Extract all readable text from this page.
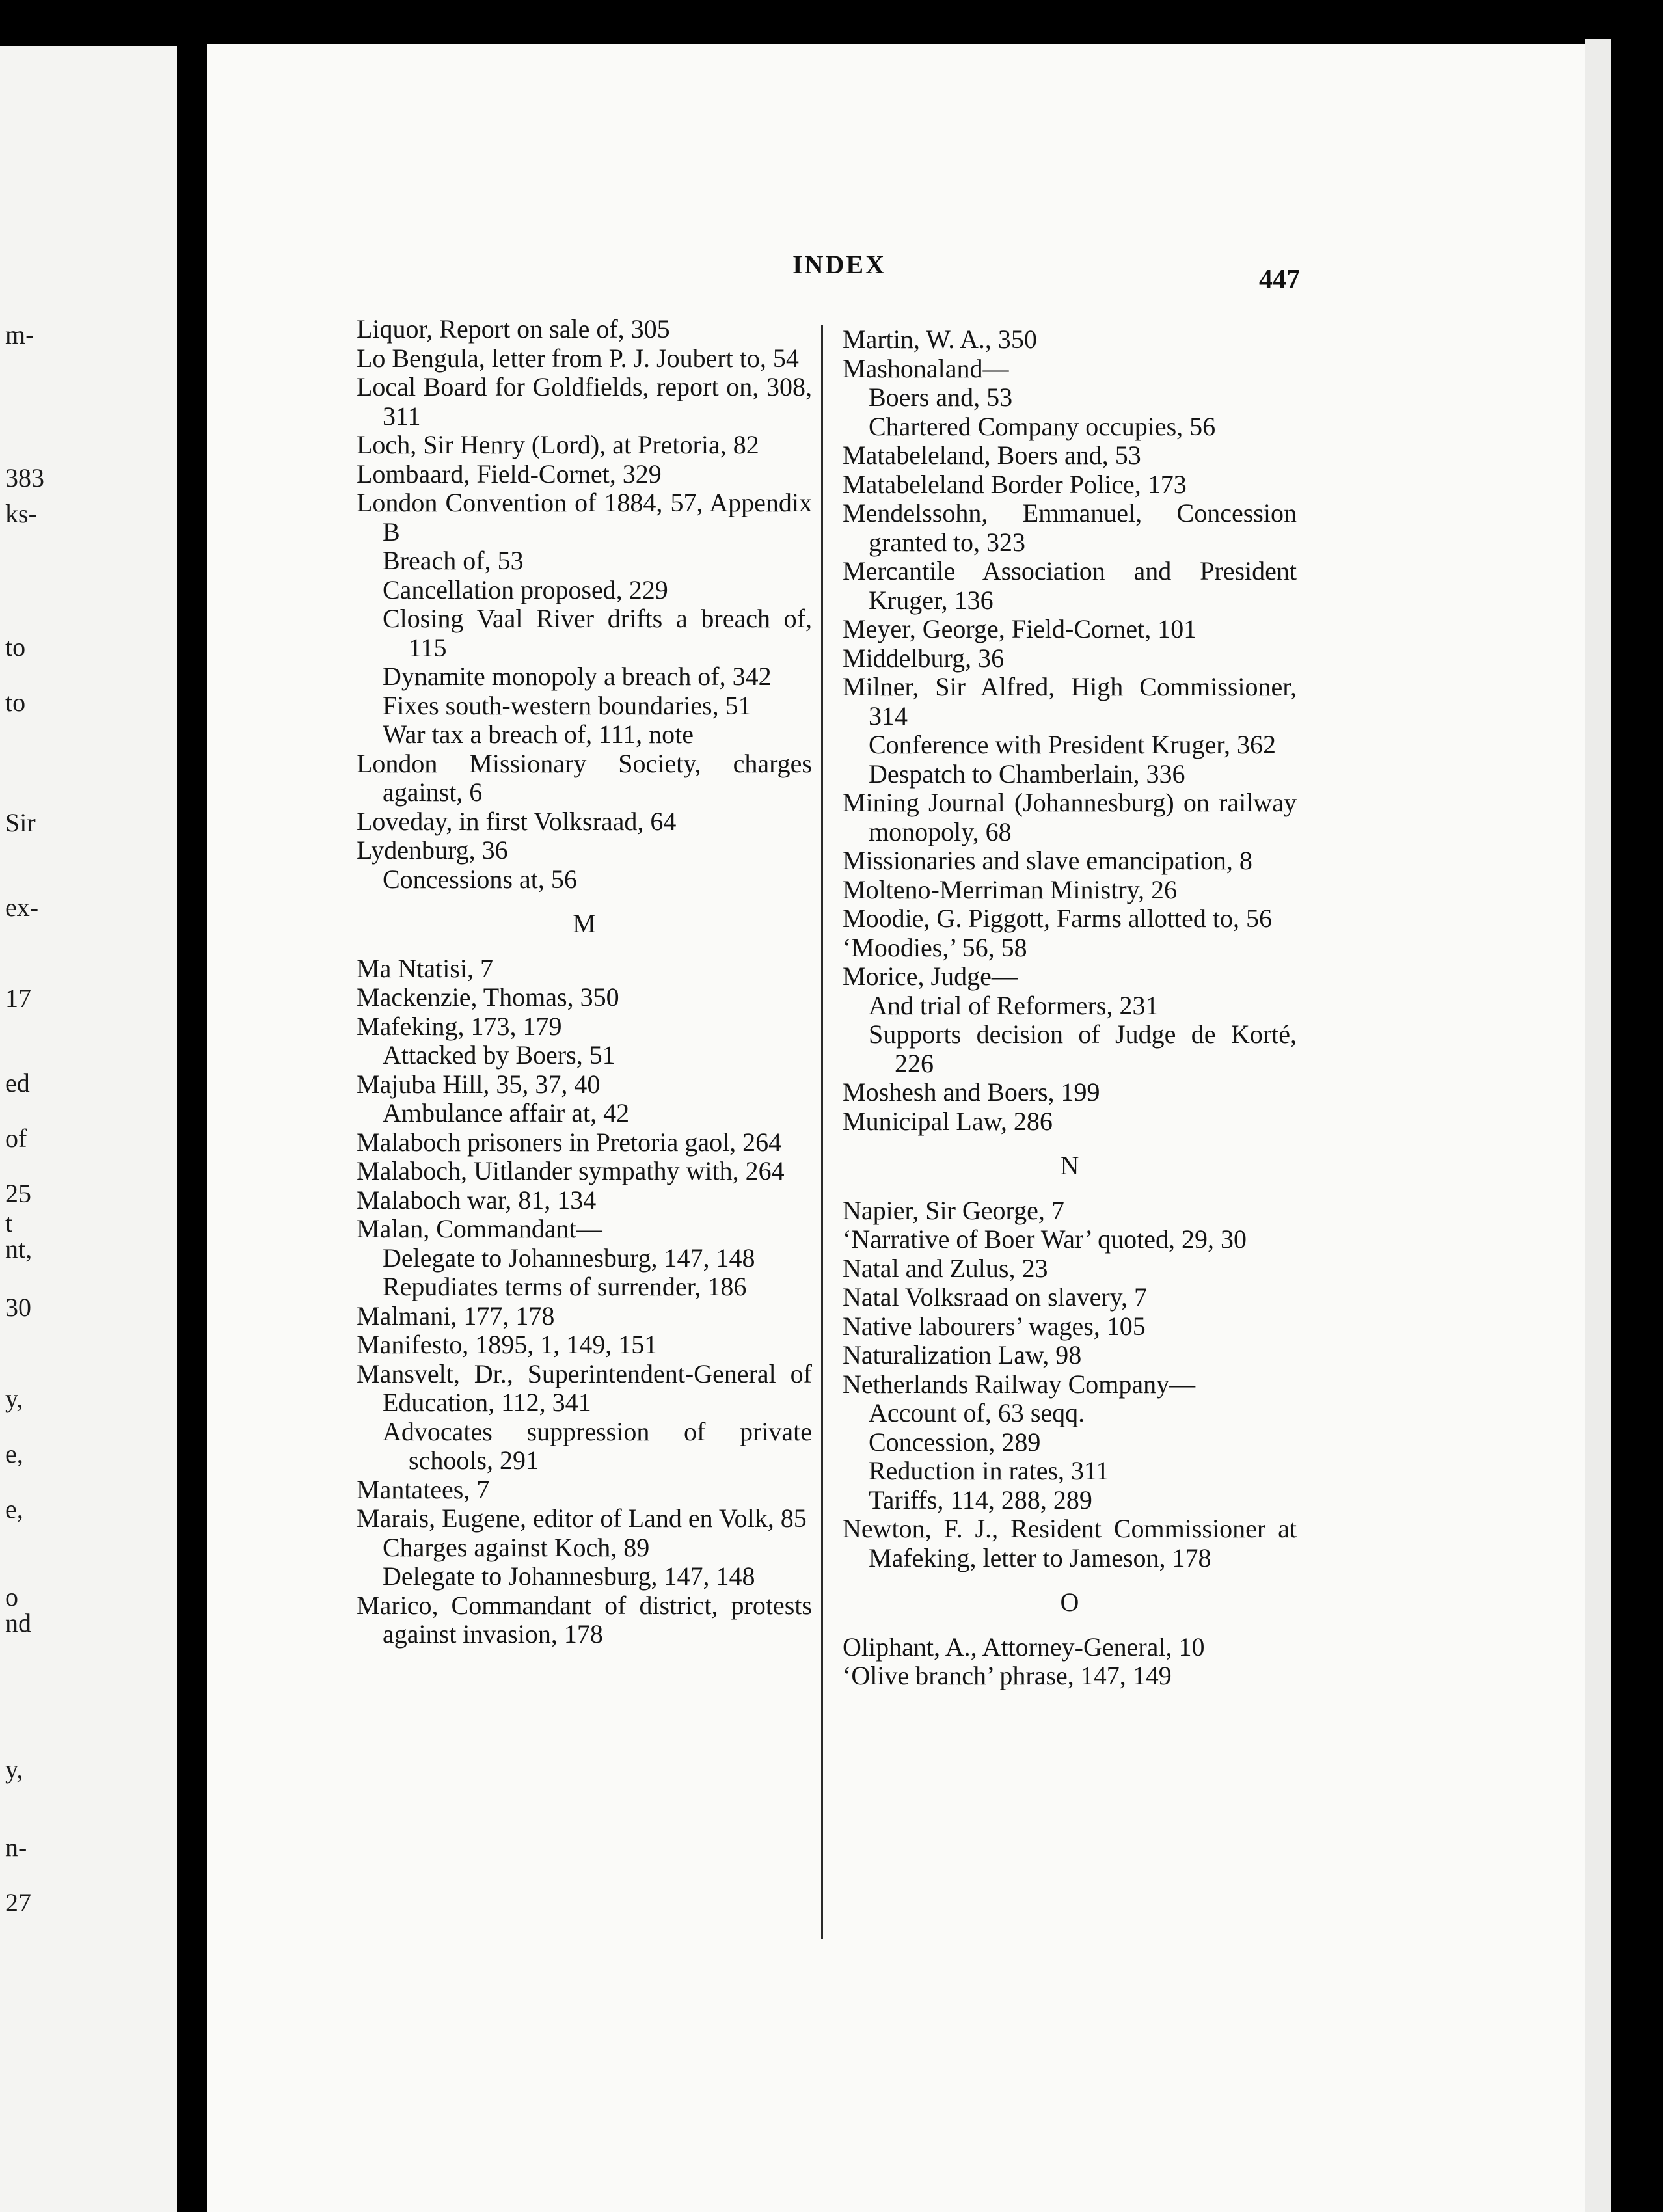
m-
383
ks-
to
to
Sir
ex-
17
ed
of
25
t
nt,
30
y,
e,
e,
o
nd
y,
n-
27
INDEX
447
Liquor, Report on sale of, 305
Lo Bengula, letter from P. J. Joubert to, 54
Local Board for Goldfields, report on, 308, 311
Loch, Sir Henry (Lord), at Pretoria, 82
Lombaard, Field-Cornet, 329
London Convention of 1884, 57, Appendix B
Breach of, 53
Cancellation proposed, 229
Closing Vaal River drifts a breach of, 115
Dynamite monopoly a breach of, 342
Fixes south-western boundaries, 51
War tax a breach of, 111, note
London Missionary Society, charges against, 6
Loveday, in first Volksraad, 64
Lydenburg, 36
Concessions at, 56
M
Ma Ntatisi, 7
Mackenzie, Thomas, 350
Mafeking, 173, 179
Attacked by Boers, 51
Majuba Hill, 35, 37, 40
Ambulance affair at, 42
Malaboch prisoners in Pretoria gaol, 264
Malaboch, Uitlander sympathy with, 264
Malaboch war, 81, 134
Malan, Commandant—
Delegate to Johannesburg, 147, 148
Repudiates terms of surrender, 186
Malmani, 177, 178
Manifesto, 1895, 1, 149, 151
Mansvelt, Dr., Superintendent-General of Education, 112, 341
Advocates suppression of private schools, 291
Mantatees, 7
Marais, Eugene, editor of Land en Volk, 85
Charges against Koch, 89
Delegate to Johannesburg, 147, 148
Marico, Commandant of district, protests against invasion, 178
Martin, W. A., 350
Mashonaland—
Boers and, 53
Chartered Company occupies, 56
Matabeleland, Boers and, 53
Matabeleland Border Police, 173
Mendelssohn, Emmanuel, Concession granted to, 323
Mercantile Association and President Kruger, 136
Meyer, George, Field-Cornet, 101
Middelburg, 36
Milner, Sir Alfred, High Commissioner, 314
Conference with President Kruger, 362
Despatch to Chamberlain, 336
Mining Journal (Johannesburg) on railway monopoly, 68
Missionaries and slave emancipation, 8
Molteno-Merriman Ministry, 26
Moodie, G. Piggott, Farms allotted to, 56
‘Moodies,’ 56, 58
Morice, Judge—
And trial of Reformers, 231
Supports decision of Judge de Korté, 226
Moshesh and Boers, 199
Municipal Law, 286
N
Napier, Sir George, 7
‘Narrative of Boer War’ quoted, 29, 30
Natal and Zulus, 23
Natal Volksraad on slavery, 7
Native labourers’ wages, 105
Naturalization Law, 98
Netherlands Railway Company—
Account of, 63 seqq.
Concession, 289
Reduction in rates, 311
Tariffs, 114, 288, 289
Newton, F. J., Resident Commissioner at Mafeking, letter to Jameson, 178
O
Oliphant, A., Attorney-General, 10
‘Olive branch’ phrase, 147, 149
